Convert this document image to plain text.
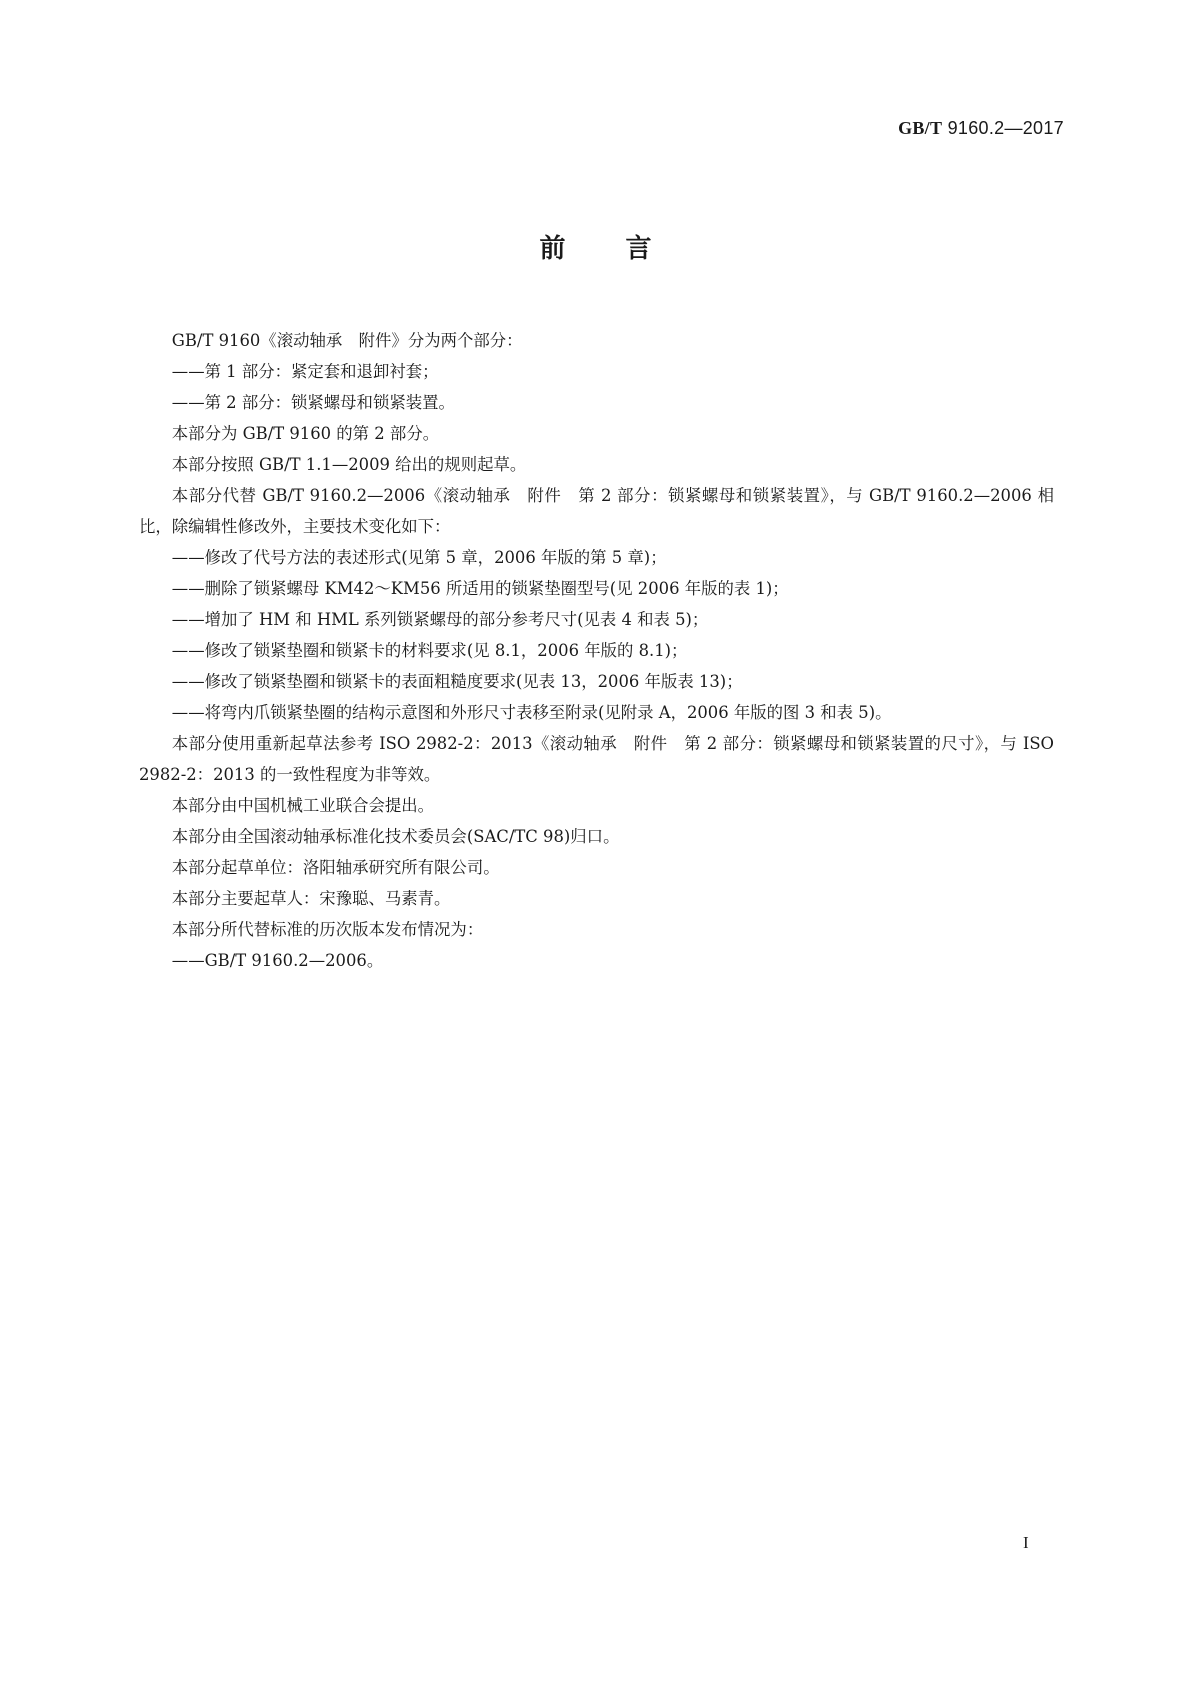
GB/T 9160.2—2017
前 言

GB/T 9160《滚动轴承　附件》分为两个部分：

——第 1 部分：紧定套和退卸衬套；

——第 2 部分：锁紧螺母和锁紧装置。

本部分为 GB/T 9160 的第 2 部分。

本部分按照 GB/T 1.1—2009 给出的规则起草。

本部分代替 GB/T 9160.2—2006《滚动轴承　附件　第 2 部分：锁紧螺母和锁紧装置》，与 GB/T 9160.2—2006 相比，除编辑性修改外，主要技术变化如下：

——修改了代号方法的表述形式(见第 5 章，2006 年版的第 5 章)；

——删除了锁紧螺母 KM42～KM56 所适用的锁紧垫圈型号(见 2006 年版的表 1)；

——增加了 HM 和 HML 系列锁紧螺母的部分参考尺寸(见表 4 和表 5)；

——修改了锁紧垫圈和锁紧卡的材料要求(见 8.1，2006 年版的 8.1)；

——修改了锁紧垫圈和锁紧卡的表面粗糙度要求(见表 13，2006 年版表 13)；

——将弯内爪锁紧垫圈的结构示意图和外形尺寸表移至附录(见附录 A，2006 年版的图 3 和表 5)。

本部分使用重新起草法参考 ISO 2982-2：2013《滚动轴承　附件　第 2 部分：锁紧螺母和锁紧装置的尺寸》，与 ISO 2982-2：2013 的一致性程度为非等效。

本部分由中国机械工业联合会提出。

本部分由全国滚动轴承标准化技术委员会(SAC/TC 98)归口。

本部分起草单位：洛阳轴承研究所有限公司。

本部分主要起草人：宋豫聪、马素青。

本部分所代替标准的历次版本发布情况为：

——GB/T 9160.2—2006。

I
